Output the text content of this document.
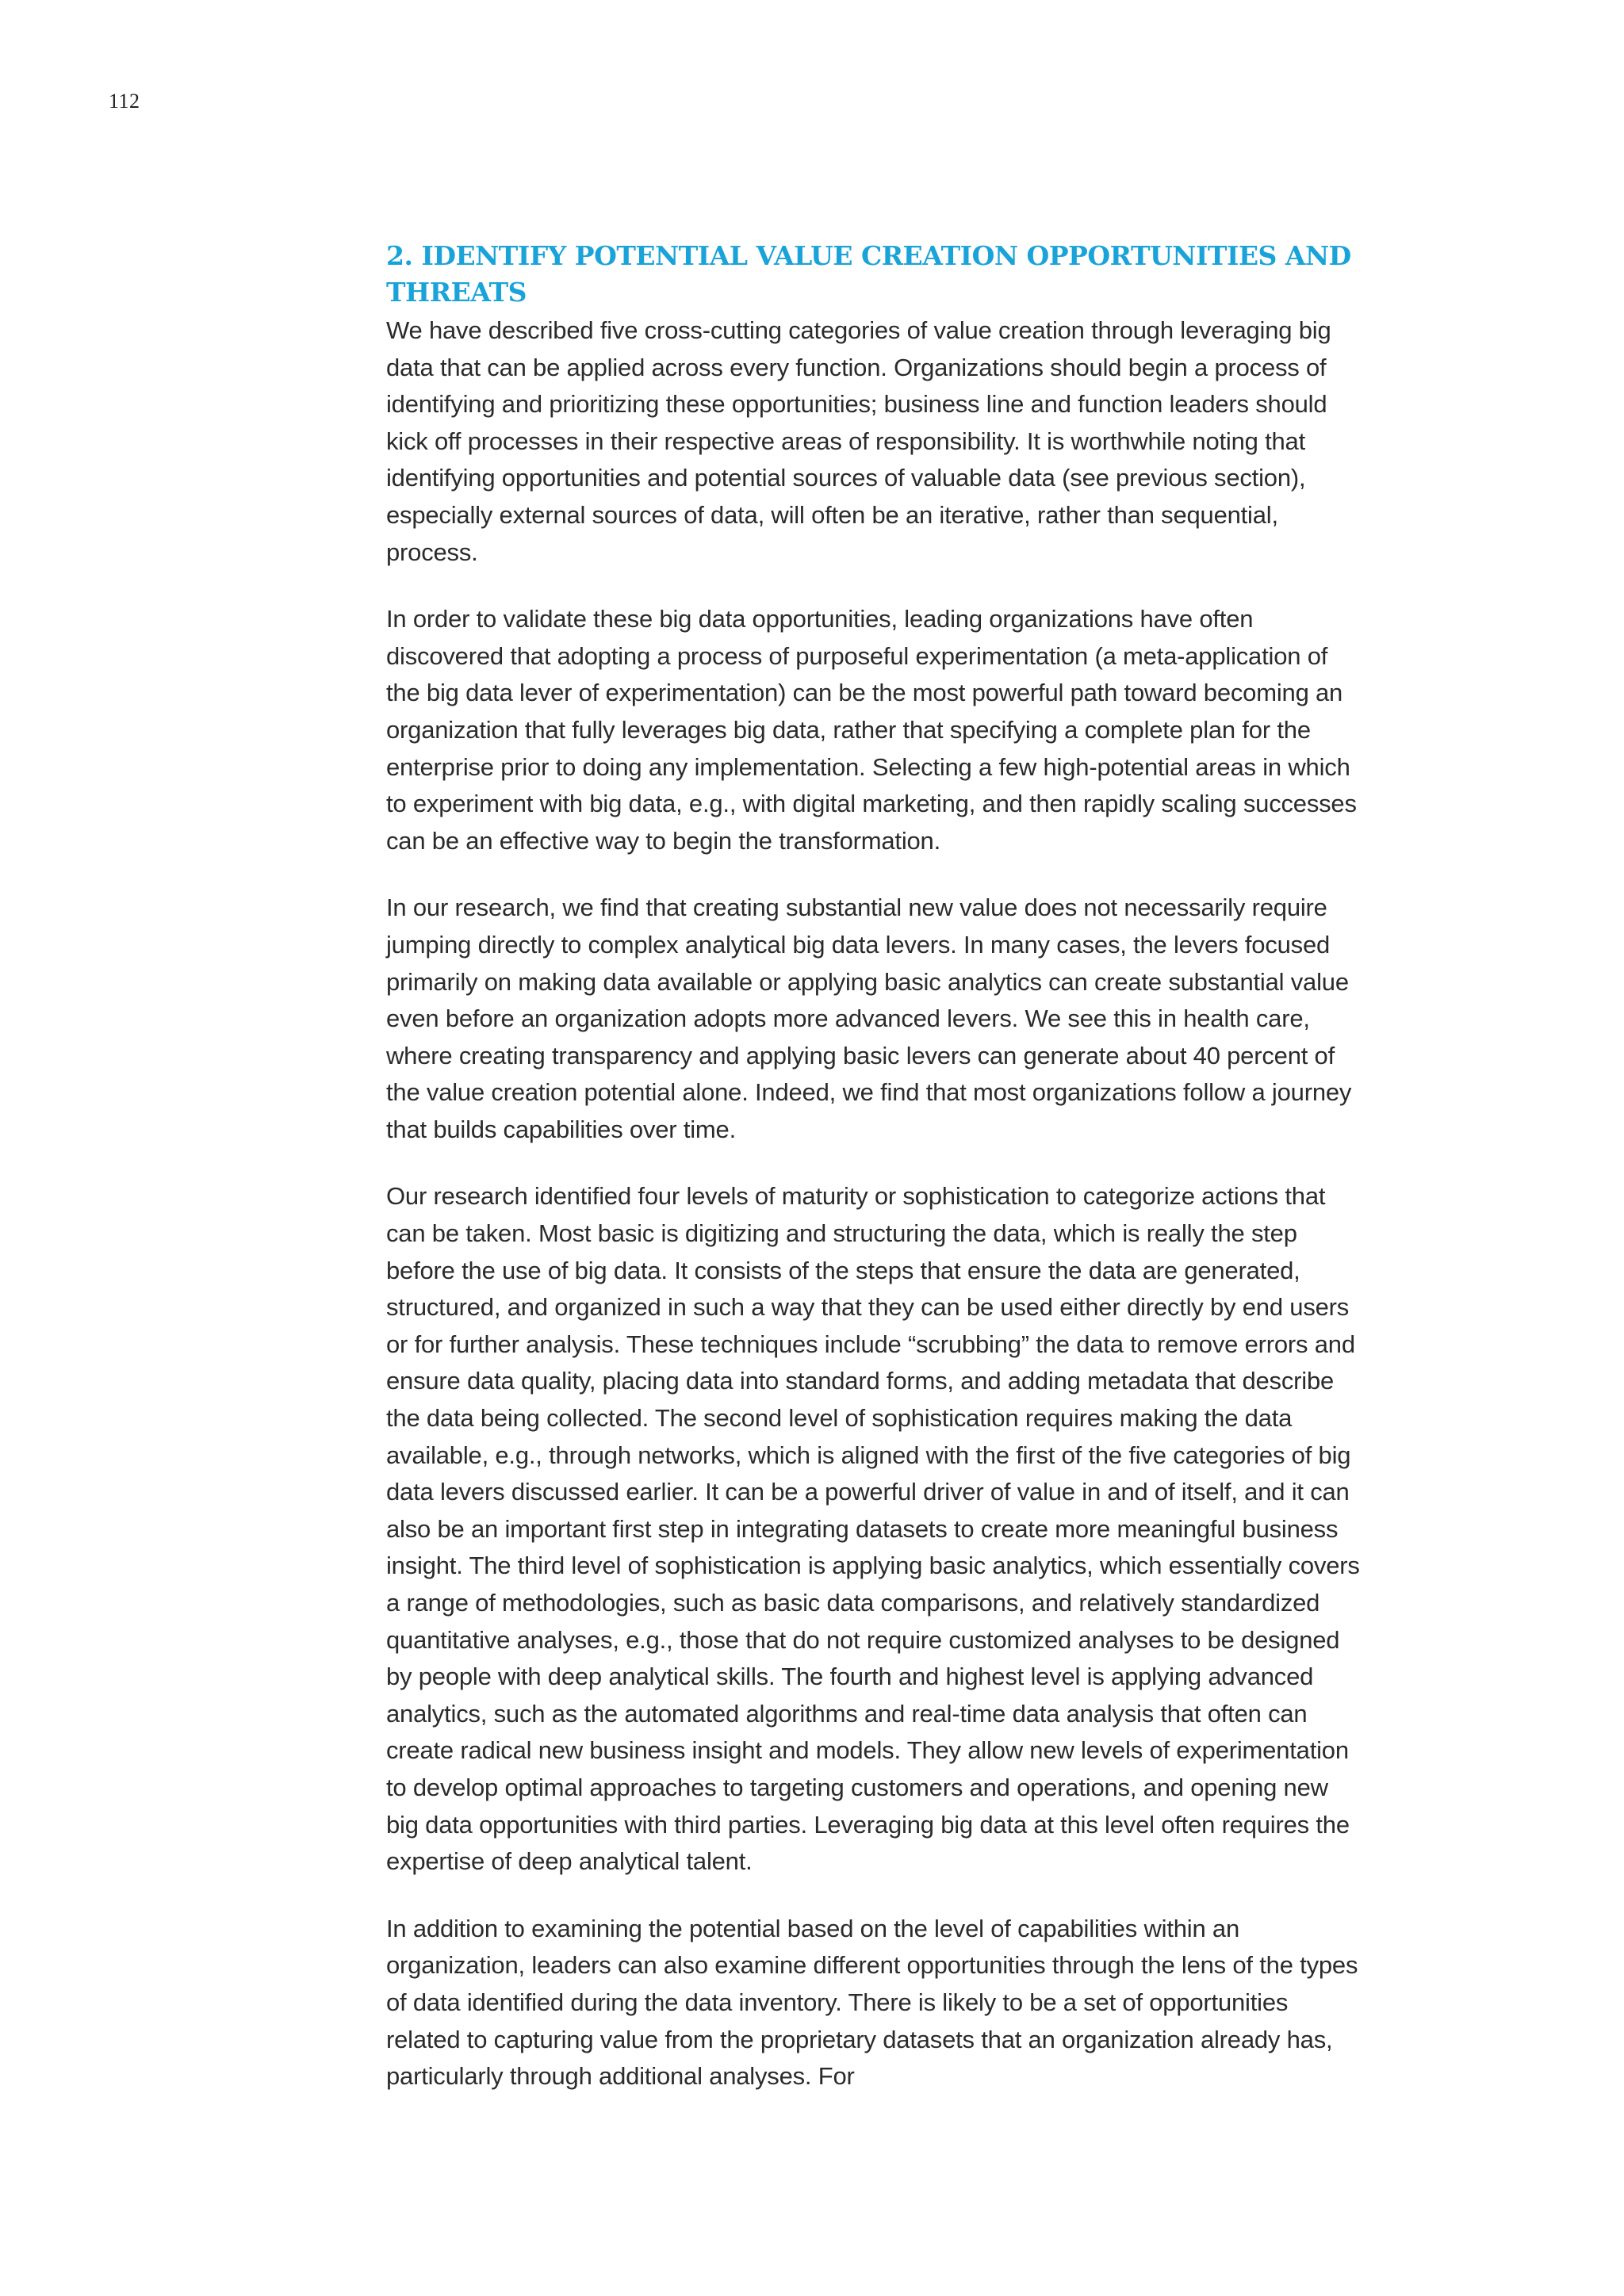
112
2. IDENTIFY POTENTIAL VALUE CREATION OPPORTUNITIES AND THREATS

We have described five cross-cutting categories of value creation through leveraging big data that can be applied across every function. Organizations should begin a process of identifying and prioritizing these opportunities; business line and function leaders should kick off processes in their respective areas of responsibility. It is worthwhile noting that identifying opportunities and potential sources of valuable data (see previous section), especially external sources of data, will often be an iterative, rather than sequential, process.

In order to validate these big data opportunities, leading organizations have often discovered that adopting a process of purposeful experimentation (a meta-application of the big data lever of experimentation) can be the most powerful path toward becoming an organization that fully leverages big data, rather that specifying a complete plan for the enterprise prior to doing any implementation. Selecting a few high-potential areas in which to experiment with big data, e.g., with digital marketing, and then rapidly scaling successes can be an effective way to begin the transformation.

In our research, we find that creating substantial new value does not necessarily require jumping directly to complex analytical big data levers. In many cases, the levers focused primarily on making data available or applying basic analytics can create substantial value even before an organization adopts more advanced levers. We see this in health care, where creating transparency and applying basic levers can generate about 40 percent of the value creation potential alone. Indeed, we find that most organizations follow a journey that builds capabilities over time.

Our research identified four levels of maturity or sophistication to categorize actions that can be taken. Most basic is digitizing and structuring the data, which is really the step before the use of big data. It consists of the steps that ensure the data are generated, structured, and organized in such a way that they can be used either directly by end users or for further analysis. These techniques include “scrubbing” the data to remove errors and ensure data quality, placing data into standard forms, and adding metadata that describe the data being collected. The second level of sophistication requires making the data available, e.g., through networks, which is aligned with the first of the five categories of big data levers discussed earlier. It can be a powerful driver of value in and of itself, and it can also be an important first step in integrating datasets to create more meaningful business insight. The third level of sophistication is applying basic analytics, which essentially covers a range of methodologies, such as basic data comparisons, and relatively standardized quantitative analyses, e.g., those that do not require customized analyses to be designed by people with deep analytical skills. The fourth and highest level is applying advanced analytics, such as the automated algorithms and real-time data analysis that often can create radical new business insight and models. They allow new levels of experimentation to develop optimal approaches to targeting customers and operations, and opening new big data opportunities with third parties. Leveraging big data at this level often requires the expertise of deep analytical talent.

In addition to examining the potential based on the level of capabilities within an organization, leaders can also examine different opportunities through the lens of the types of data identified during the data inventory. There is likely to be a set of opportunities related to capturing value from the proprietary datasets that an organization already has, particularly through additional analyses. For
